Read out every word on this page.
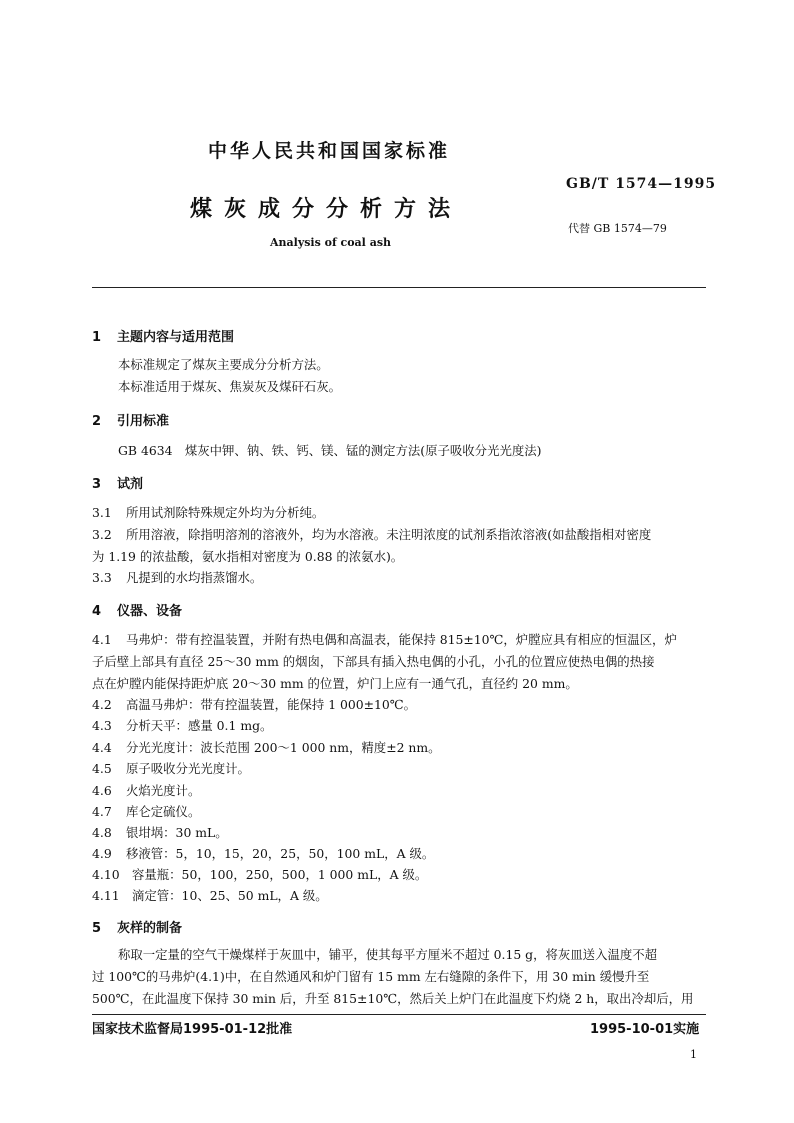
中华人民共和国国家标准
GB/T 1574—1995
煤灰成分分析方法
代替 GB 1574—79
Analysis of coal ash
1 主题内容与适用范围
本标准规定了煤灰主要成分分析方法。
本标准适用于煤灰、焦炭灰及煤矸石灰。
2 引用标准
GB 4634　煤灰中钾、钠、铁、钙、镁、锰的测定方法(原子吸收分光光度法)
3 试剂
3.1 所用试剂除特殊规定外均为分析纯。
3.2 所用溶液，除指明溶剂的溶液外，均为水溶液。未注明浓度的试剂系指浓溶液(如盐酸指相对密度
为 1.19 的浓盐酸，氨水指相对密度为 0.88 的浓氨水)。
3.3 凡提到的水均指蒸馏水。
4 仪器、设备
4.1 马弗炉：带有控温装置，并附有热电偶和高温表，能保持 815±10℃，炉膛应具有相应的恒温区，炉
子后壁上部具有直径 25～30 mm 的烟囱，下部具有插入热电偶的小孔，小孔的位置应使热电偶的热接
点在炉膛内能保持距炉底 20～30 mm 的位置，炉门上应有一通气孔，直径约 20 mm。
4.2 高温马弗炉：带有控温装置，能保持 1 000±10℃。
4.3 分析天平：感量 0.1 mg。
4.4 分光光度计：波长范围 200～1 000 nm，精度±2 nm。
4.5 原子吸收分光光度计。
4.6 火焰光度计。
4.7 库仑定硫仪。
4.8 银坩埚：30 mL。
4.9 移液管：5，10，15，20，25，50，100 mL，A 级。
4.10 容量瓶：50，100，250，500，1 000 mL，A 级。
4.11 滴定管：10、25、50 mL，A 级。
5 灰样的制备
称取一定量的空气干燥煤样于灰皿中，铺平，使其每平方厘米不超过 0.15 g，将灰皿送入温度不超
过 100℃的马弗炉(4.1)中，在自然通风和炉门留有 15 mm 左右缝隙的条件下，用 30 min 缓慢升至
500℃，在此温度下保持 30 min 后，升至 815±10℃，然后关上炉门在此温度下灼烧 2 h，取出冷却后，用
国家技术监督局1995-01-12批准	1995-10-01实施
1
